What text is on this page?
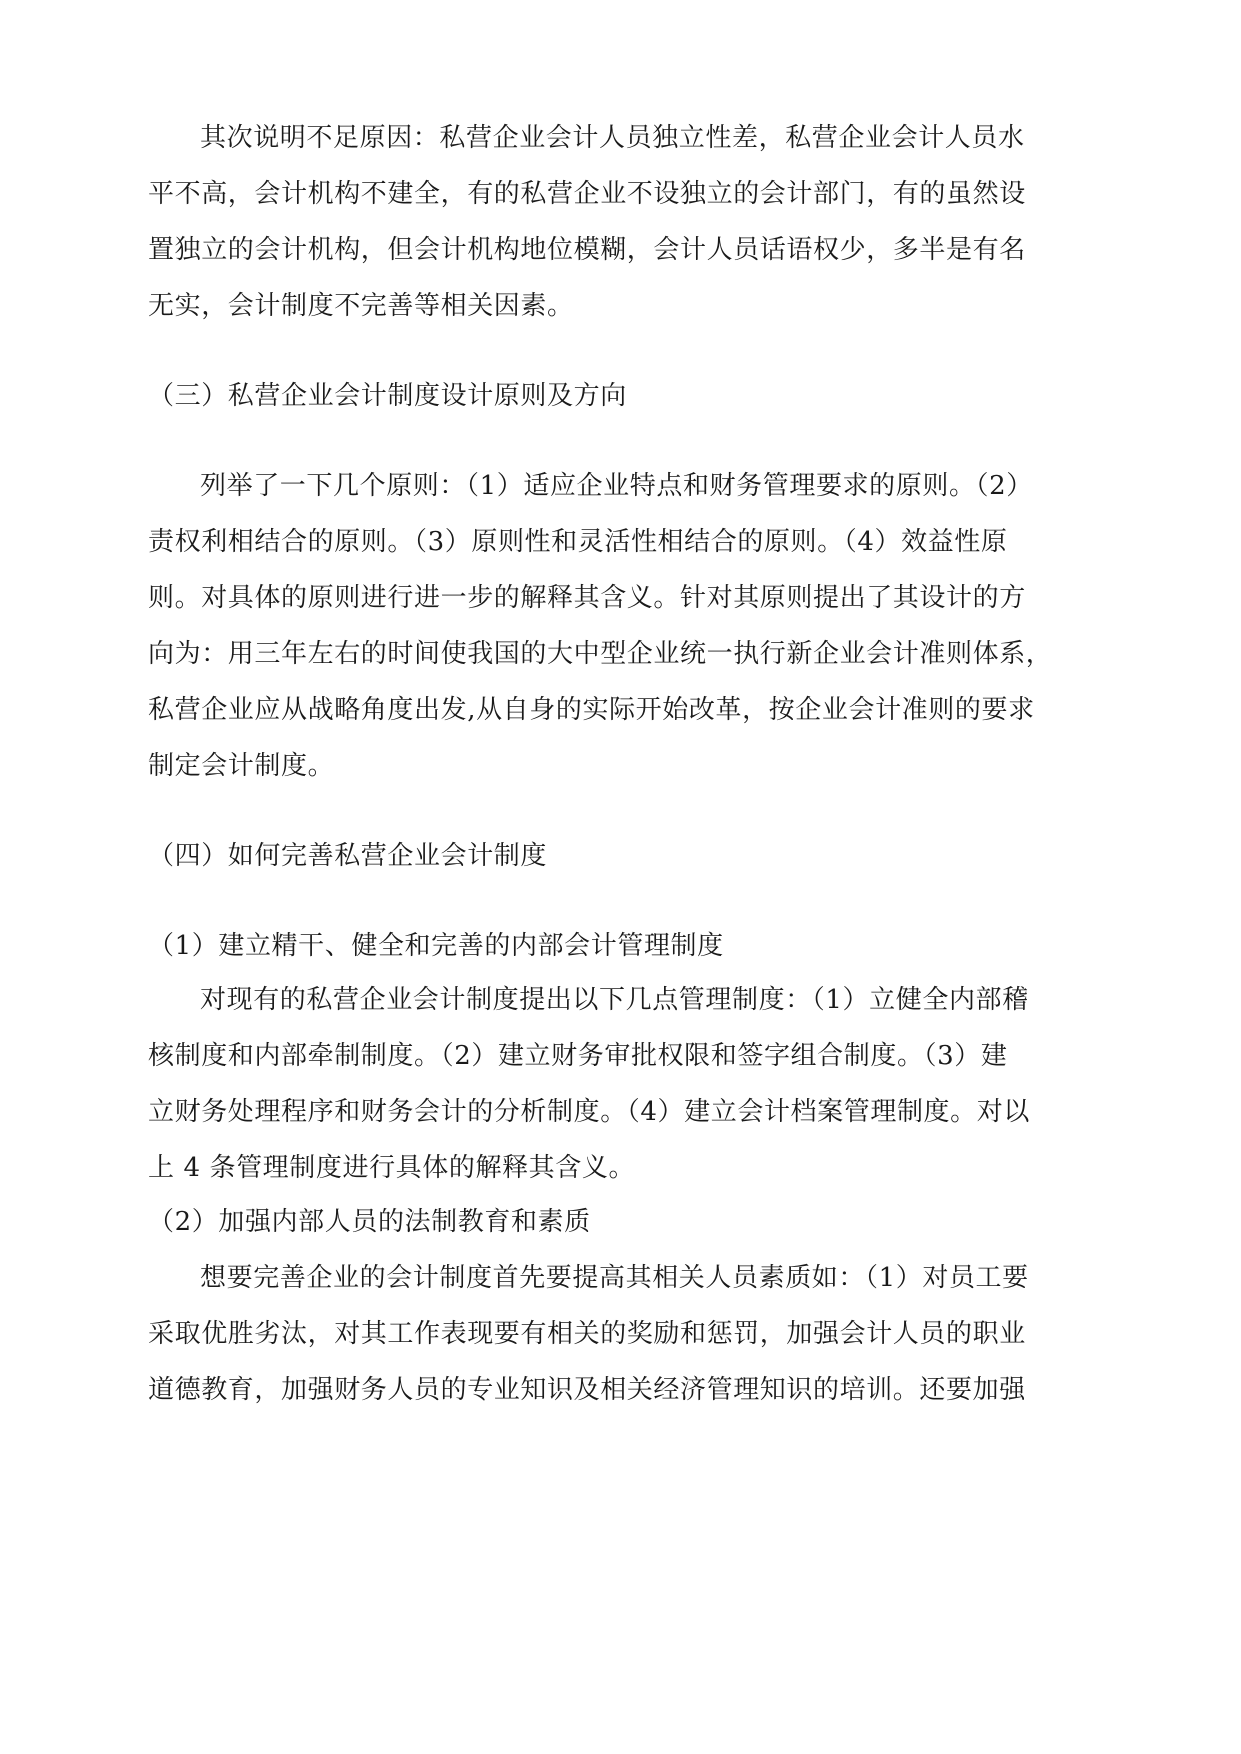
其次说明不足原因：私营企业会计人员独立性差，私营企业会计人员水
平不高，会计机构不建全，有的私营企业不设独立的会计部门，有的虽然设
置独立的会计机构，但会计机构地位模糊，会计人员话语权少，多半是有名
无实，会计制度不完善等相关因素。
（三）私营企业会计制度设计原则及方向
列举了一下几个原则：（1）适应企业特点和财务管理要求的原则。（2）
责权利相结合的原则。（3）原则性和灵活性相结合的原则。（4）效益性原
则。对具体的原则进行进一步的解释其含义。针对其原则提出了其设计的方
向为：用三年左右的时间使我国的大中型企业统一执行新企业会计准则体系，
私营企业应从战略角度出发,从自身的实际开始改革，按企业会计准则的要求
制定会计制度。
（四）如何完善私营企业会计制度
（1）建立精干、健全和完善的内部会计管理制度
对现有的私营企业会计制度提出以下几点管理制度：（1）立健全内部稽
核制度和内部牵制制度。（2）建立财务审批权限和签字组合制度。（3）建
立财务处理程序和财务会计的分析制度。（4）建立会计档案管理制度。对以
上 4 条管理制度进行具体的解释其含义。
（2）加强内部人员的法制教育和素质
想要完善企业的会计制度首先要提高其相关人员素质如：（1）对员工要
采取优胜劣汰，对其工作表现要有相关的奖励和惩罚，加强会计人员的职业
道德教育，加强财务人员的专业知识及相关经济管理知识的培训。还要加强
